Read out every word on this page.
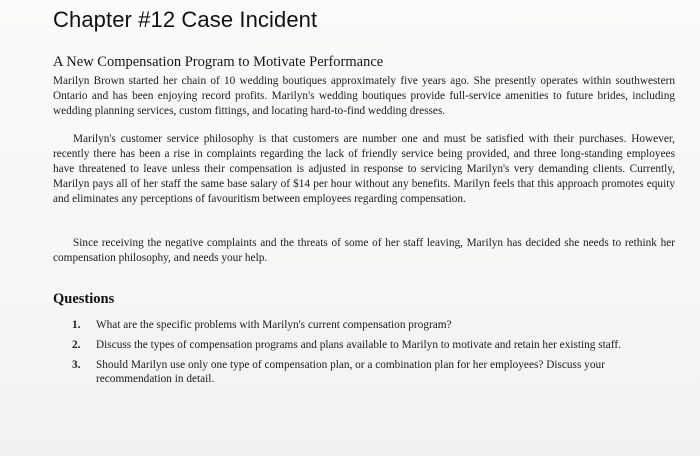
Chapter #12 Case Incident
A New Compensation Program to Motivate Performance
Marilyn Brown started her chain of 10 wedding boutiques approximately five years ago. She presently operates within southwestern Ontario and has been enjoying record profits. Marilyn's wedding boutiques provide full-service amenities to future brides, including wedding planning services, custom fittings, and locating hard-to-find wedding dresses.
Marilyn's customer service philosophy is that customers are number one and must be satisfied with their purchases. However, recently there has been a rise in complaints regarding the lack of friendly service being provided, and three long-standing employees have threatened to leave unless their compensation is adjusted in response to servicing Marilyn's very demanding clients. Currently, Marilyn pays all of her staff the same base salary of $14 per hour without any benefits. Marilyn feels that this approach promotes equity and eliminates any perceptions of favouritism between employees regarding compensation.
Since receiving the negative complaints and the threats of some of her staff leaving, Marilyn has decided she needs to rethink her compensation philosophy, and needs your help.
Questions
1. What are the specific problems with Marilyn's current compensation program?
2. Discuss the types of compensation programs and plans available to Marilyn to motivate and retain her existing staff.
3. Should Marilyn use only one type of compensation plan, or a combination plan for her employees? Discuss your recommendation in detail.
